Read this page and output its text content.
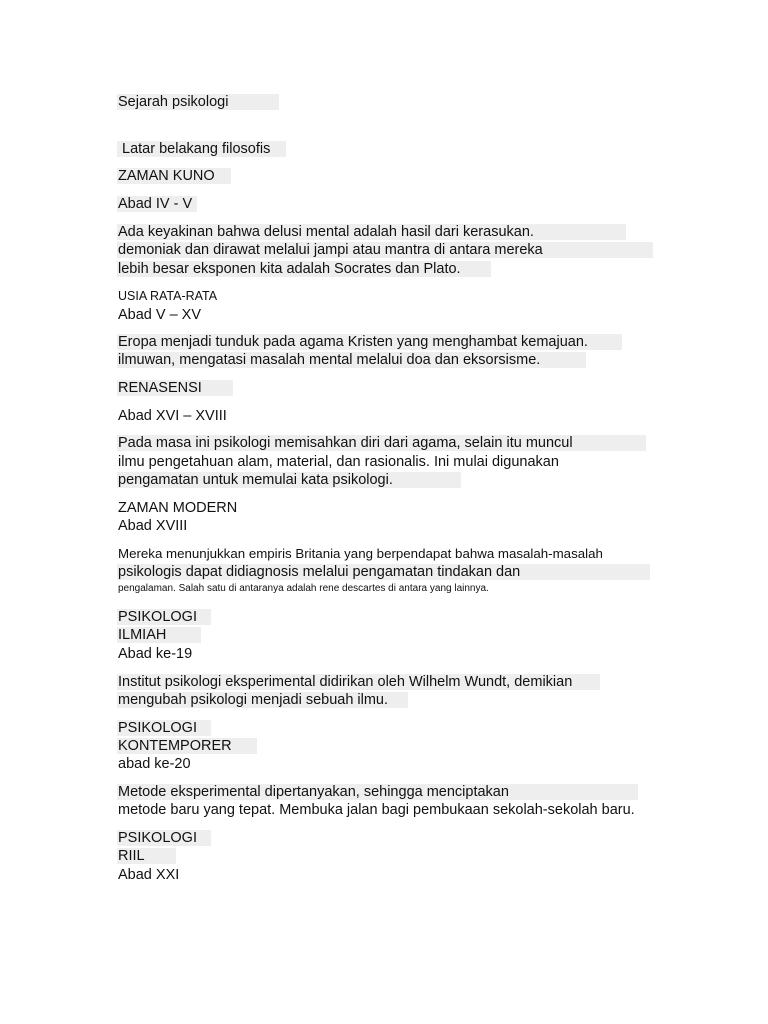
Sejarah psikologi
Latar belakang filosofis
ZAMAN KUNO
Abad IV - V
Ada keyakinan bahwa delusi mental adalah hasil dari kerasukan.
demoniak dan dirawat melalui jampi atau mantra di antara mereka
lebih besar eksponen kita adalah Socrates dan Plato.
USIA RATA-RATA
Abad V – XV
Eropa menjadi tunduk pada agama Kristen yang menghambat kemajuan.
ilmuwan, mengatasi masalah mental melalui doa dan eksorsisme.
RENASENSI
Abad XVI – XVIII
Pada masa ini psikologi memisahkan diri dari agama, selain itu muncul
ilmu pengetahuan alam, material, dan rasionalis. Ini mulai digunakan
pengamatan untuk memulai kata psikologi.
ZAMAN MODERN
Abad XVIII
Mereka menunjukkan empiris Britania yang berpendapat bahwa masalah-masalah
psikologis dapat didiagnosis melalui pengamatan tindakan dan
pengalaman. Salah satu di antaranya adalah rene descartes di antara yang lainnya.
PSIKOLOGI
ILMIAH
Abad ke-19
Institut psikologi eksperimental didirikan oleh Wilhelm Wundt, demikian
mengubah psikologi menjadi sebuah ilmu.
PSIKOLOGI
KONTEMPORER
abad ke-20
Metode eksperimental dipertanyakan, sehingga menciptakan
metode baru yang tepat. Membuka jalan bagi pembukaan sekolah-sekolah baru.
PSIKOLOGI
RIIL
Abad XXI
